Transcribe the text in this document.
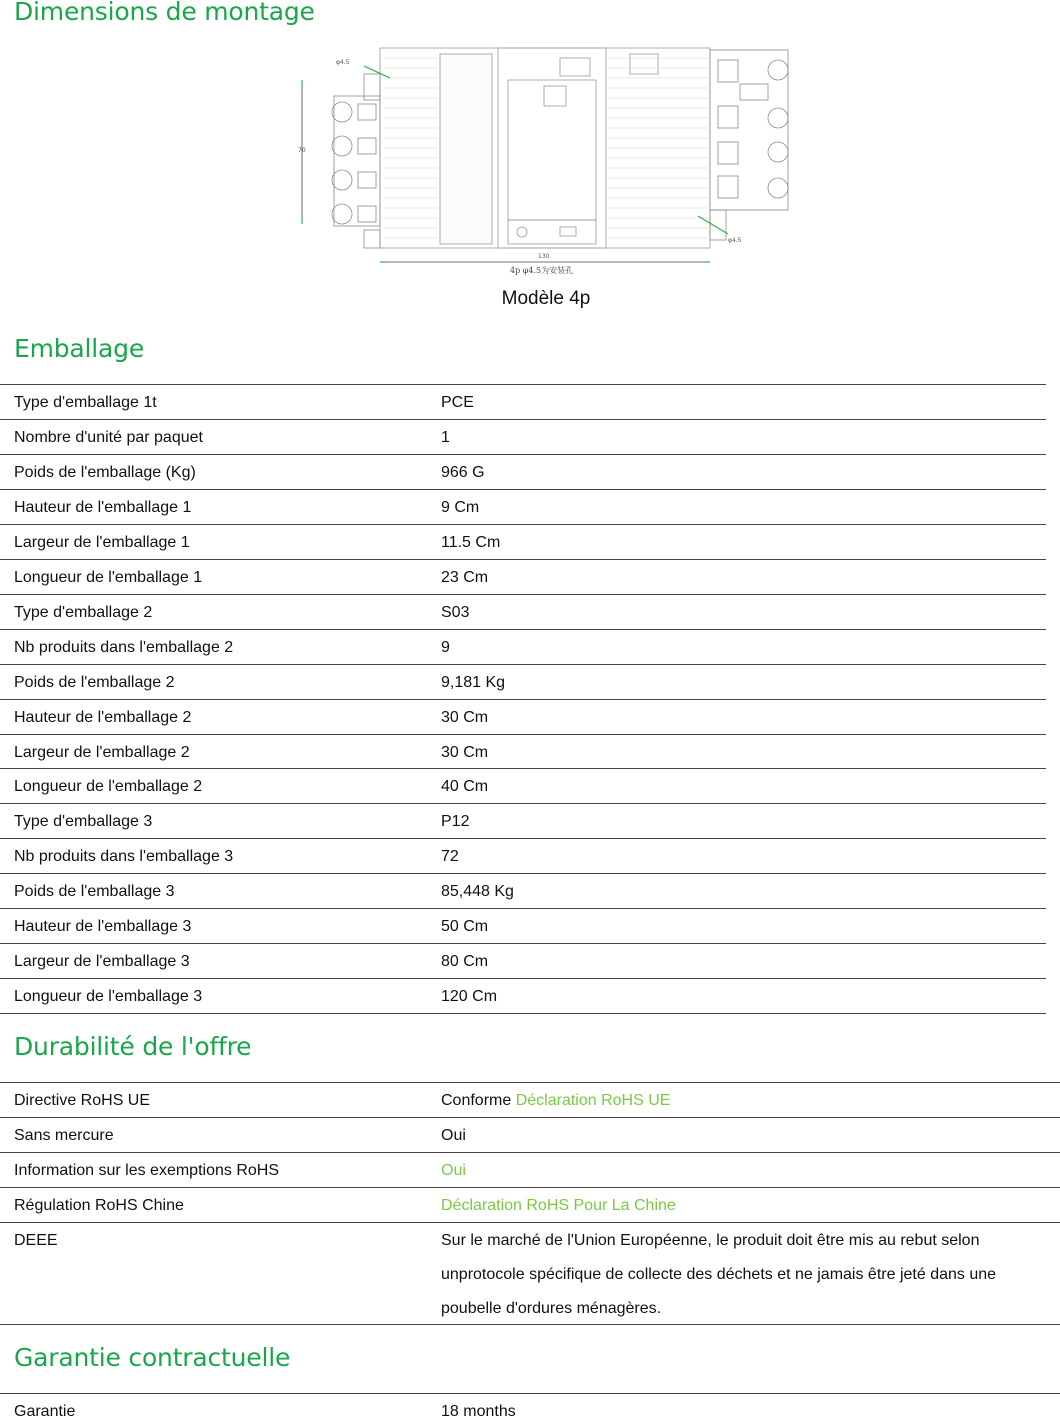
Dimensions de montage
φ4.5
φ4.5
70
130
4p φ4.5为安装孔
Modèle 4p
Emballage
Type d'emballage 1t	PCE
Nombre d'unité par paquet	1
Poids de l'emballage (Kg)	966 G
Hauteur de l'emballage 1	9 Cm
Largeur de l'emballage 1	11.5 Cm
Longueur de l'emballage 1	23 Cm
Type d'emballage 2	S03
Nb produits dans l'emballage 2	9
Poids de l'emballage 2	9,181 Kg
Hauteur de l'emballage 2	30 Cm
Largeur de l'emballage 2	30 Cm
Longueur de l'emballage 2	40 Cm
Type d'emballage 3	P12
Nb produits dans l'emballage 3	72
Poids de l'emballage 3	85,448 Kg
Hauteur de l'emballage 3	50 Cm
Largeur de l'emballage 3	80 Cm
Longueur de l'emballage 3	120 Cm
Durabilité de l'offre
Directive RoHS UE	Conforme Déclaration RoHS UE
Sans mercure	Oui
Information sur les exemptions RoHS	Oui
Régulation RoHS Chine	Déclaration RoHS Pour La Chine
DEEE	Sur le marché de l'Union Européenne, le produit doit être mis au rebut selon unprotocole spécifique de collecte des déchets et ne jamais être jeté dans une poubelle d'ordures ménagères.
Garantie contractuelle
Garantie	18 months
